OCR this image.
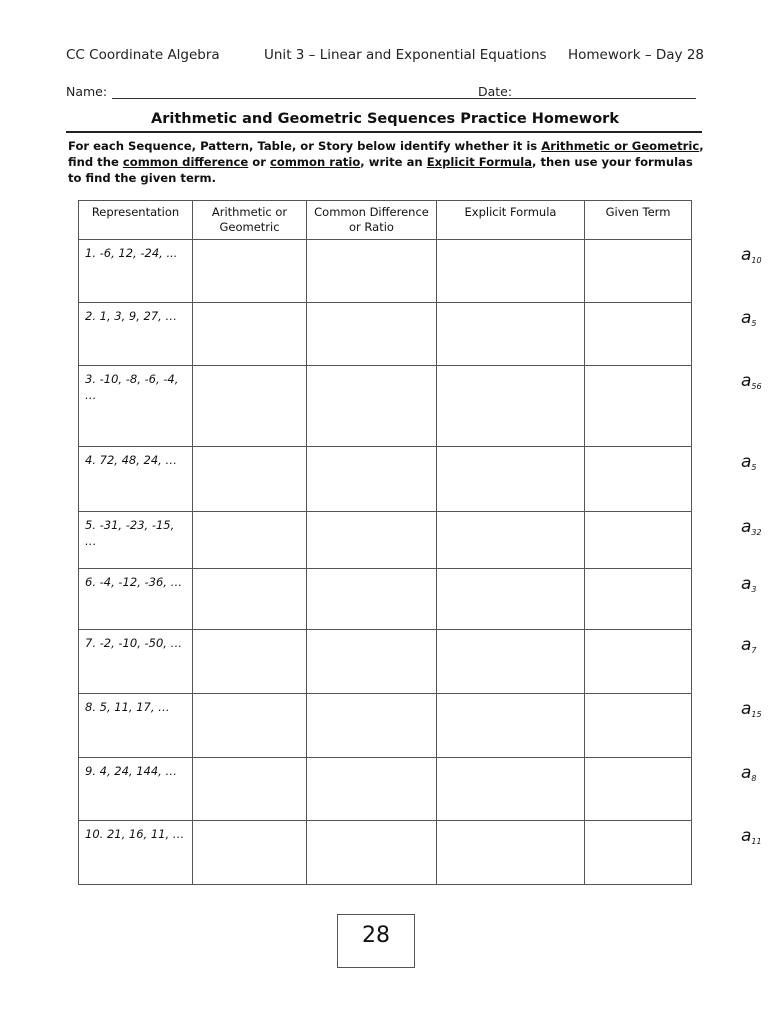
CC Coordinate Algebra	Unit 3 – Linear and Exponential Equations Homework – Day 28
Name:	Date:
Arithmetic and Geometric Sequences Practice Homework
For each Sequence, Pattern, Table, or Story below identify whether it is Arithmetic or Geometric, find the common difference or common ratio, write an Explicit Formula, then use your formulas to find the given term.
Representation	Arithmetic or Geometric	Common Difference or Ratio	Explicit Formula	Given Term
1. -6, 12, -24, ...				$a_{10}$
2. 1, 3, 9, 27, …				$a_5$
3. -10, -8, -6, -4, …				$a_{56}$
4. 72, 48, 24, …				$a_5$
5. -31, -23, -15, …				$a_{32}$
6. -4, -12, -36, …				$a_3$
7. -2, -10, -50, …				$a_7$
8. 5, 11, 17, …				$a_{15}$
9. 4, 24, 144, …				$a_8$
10. 21, 16, 11, …				$a_{11}$
28
